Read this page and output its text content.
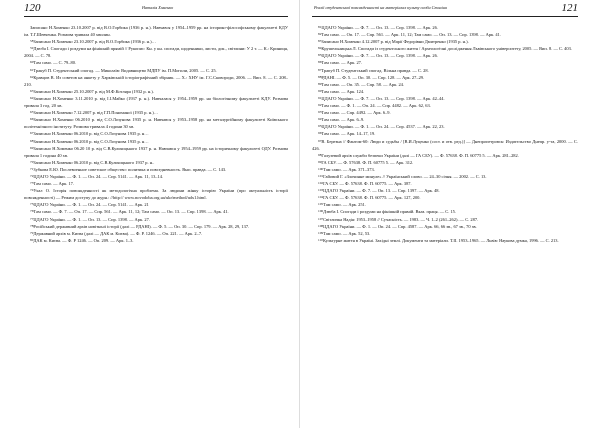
120	Наталія Хоменко

Записано Н.Хоменко 23.10.2007 р. від В.О.Горбика (1936 р. н.). Навчався у 1954–1959 рр. на історико-філософському факультеті КДУ ім. Т.Г.Шевченка. Розмова тривала 40 хвилин.

$^{58}$Записано Н.Хоменко 23.10.2007 р. від В.О.Горбика (1936 р. н.)…

$^{59}$Дзюба І. Спогади і роздуми на фінішній прямій // Рукопис: Кн. у кн. спогади, щоденники, листи, док., світлини: У 2 т. — К.: Криниця, 2004. — С. 78.

$^{60}$Там само. — С. 79–80.

$^{61}$Тракуб П. Студентський спогад. — Миколаїв: Видавництво МДПУ ім. П.Могили, 2005. — С. 25.

$^{62}$Кравцов В. Из советов на анкету у Харківській історіографічний збірник. — Х.: ХНУ ім. Г.С.Сковороди, 2006. — Вип. 8. — С. 208–210.

$^{63}$Записано Н.Хоменко 25.10.2007 р. від М.Ф.Котляра (1932 р. н.).

$^{64}$Записано Н.Хоменко 3.11.2010 р. від І.І.Майко (1937 р. н.). Навчалася у 1954–1959 рр. на біологічному факультеті КДУ. Розмова тривала 3 год. 20 хв.

$^{65}$Записано Н.Хоменко 7.12.2007 р. від Г.П.Пономаної (1935 р. н.)…

$^{66}$Записано Н.Хоменко 06.2010 р. від С.О.Лозунова 1935 р. н. Навчався у 1953–1958 рр. на металургійному факультеті Київського політехнічного інституту. Розмова тривала 4 години 30 хв.

$^{67}$Записано Н.Хоменко 06.2010 р. від С.О.Лозунова 1935 р. н…

$^{68}$Записано Н.Хоменко 06.2010 р. від С.О.Лозунова 1935 р. н…

$^{69}$Записано Н.Хоменко 06.20 10 р. від С.В.Кульчицького 1937 р. н. Навчався у 1954–1959 рр. на історичному факультеті ОДУ. Розмова тривала 1 година 40 хв.

$^{70}$Записано Н.Хоменко 06.2010 р. від С.В.Кульчицького 1937 р. н..

$^{71}$Зубкова Е.Ю. Послевоенное советское общество: политика и повседневность. Вып. правда. — С. 143.

$^{72}$ЦДАГО України. — Ф. 1. — Оп. 24. — Спр. 5141. — Арк. 11, 13–14.

$^{73}$Там само. — Арк. 17.

$^{74}$Ухал О. Історія повсякденності як методологічна проблема. За людини жінку історію України (про актуальність історії повсякденності) — Режим доступу до журн.: //http:// www.novodoba.org.ua/ukr/method/adx1.html.

$^{75}$ЦДАГО України. — Ф. 1. — Оп. 24. — Спр. 5141. — Арк. 21

$^{76}$Там само. — Ф. 7. — Оп. 17. — Спр. 561. — Арк. 11, 12; Там само. — Оп. 13. — Спр. 1398. — Арк. 41.

$^{77}$ЦДАГО України. — Ф. 1. — Оп. 13. — Спр. 1398. — Арк. 27.

$^{78}$Російський державний архів новітньої історії (далі — РДАНІ). — Ф. 5. — Оп. 30. — Спр. 179. — Арк. 28, 29, 137.

$^{79}$Державний архів м. Києва (далі — ДАК м. Києва). — Ф. Р. 1246. — Оп. 221. — Арк. 2–7.

$^{80}$ДАК м. Києва. — Ф. Р 1246. — Оп. 209. — Арк. 1–3.

Реалії студентської повсякденності на матеріалах культу особи Сталіна	121

$^{81}$ЦДАГО України. — Ф. 7. — Оп. 13. — Спр. 1398. — Арк. 26.

$^{82}$Там само. — Оп. 17. — Спр. 561. — Арк. 11, 12; Там само. — Оп. 13. — Спр. 1398. — Арк. 41.

$^{83}$Записано Н.Хоменко 4.12.2007 р. від Марії Федорівни Дмитренко (1935 р. н.).

$^{84}$Крушельницька Л. Спогади із студентського життя / Археологічні дослідження Львівського університету, 2005. — Вип. 8. — С. 403.

$^{85}$ЦДАГО України. — Ф. 7. — Оп. 13. — Спр. 1398. — Арк. 26.

$^{86}$Там само. — Арк. 27.

$^{87}$Трапуб П. Студентський спогад. Вільна правда. — С. 28.

$^{88}$РДАНІ. — Ф. 5. — Оп. 30. — Спр. 128. — Арк. 27–29.

$^{89}$Там само. — Оп. 35. — Спр. 58. — Арк. 24.

$^{90}$Там само. — Арк. 124.

$^{91}$ЦДАГО України. — Ф. 7. — Оп. 13. — Спр. 1398. — Арк. 42–44.

$^{92}$Там само. — Ф. 1. — Оп. 24. — Спр. 4482. — Арк. 62, 63.

$^{93}$Там само. — Спр. 4492. — Арк. 6–9.

$^{94}$Там само. — Арк. 6–9.

$^{95}$ЦДАГО України. — Ф. 1. — Оп. 24. — Спр. 4537. — Арк. 22, 23.

$^{96}$Там само. — Арк. 14–17, 19.

$^{97}$В. Березна // Фантом-60: Люди и судьбы / [В.И.Луценко (сост. и отв. ред.)] — Днепропетровск: Издательство Днепр. у-та, 2000. — С. 426.

$^{98}$Галузевий архів служби безпеки України (далі — ГА СБУ). — Ф. 57638. Ф. П. 60775 5. — Арк. 281–282.

$^{99}$ГА СБУ. — Ф. 57638. Ф. П. 60775 5. — Арк. 312.

$^{100}$Там само. — Арк. 371–373.

$^{101}$Гайовий Г. «Злочинне минуле» // Український слово. — 24–30 січня. — 2002. — С. 13.

$^{102}$ГА СБУ. — Ф. 57638. Ф. П. 60775. — Арк. 387.

$^{103}$ЦДАГО України. — Ф. 7. — Оп. 13. — Спр. 1397. — Арк. 48.

$^{104}$ГА СБУ. — Ф. 57638. Ф. П. 60775. — Арк. 127, 200.

$^{105}$Там само. — Арк. 251.

$^{106}$Дзюба І. Спогади і роздуми на фінішній прямій. Вказ. праця. — С. 15.

$^{107}$Світличка Надія: 1953–1958 // Сучасність. — 1983. — Ч. 1–2 (261–262). — С. 287.

$^{108}$ЦДАГО України. — Ф. 1. — Оп. 24. — Спр. 4587. — Арк. 66, 66 зв., 67 зв., 70 зв.

$^{109}$Там само. — Арк. 52, 53.

$^{110}$Культурне життя в Україні. Західні землі. Документи та матеріали. Т.II. 1953–1965. — Львів: Наукова думка, 1996. — С. 213.
